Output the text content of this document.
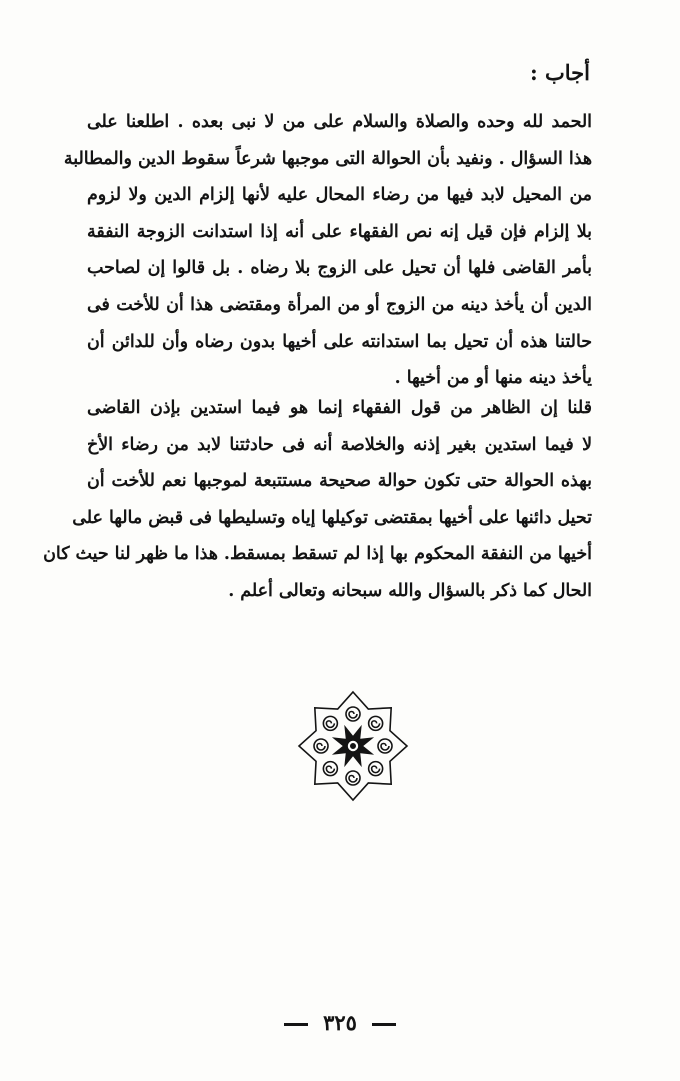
أجاب :
الحمد لله وحده والصلاة والسلام على من لا نبى بعده . اطلعنا على
هذا السؤال . ونفيد بأن الحوالة التى موجبها شرعاً سقوط الدين والمطالبة
من المحيل لابد فيها من رضاء المحال عليه لأنها إلزام الدين ولا لزوم
بلا إلزام فإن قيل إنه نص الفقهاء على أنه إذا استدانت الزوجة النفقة
بأمر القاضى فلها أن تحيل على الزوج بلا رضاه . بل قالوا إن لصاحب
الدين أن يأخذ دينه من الزوج أو من المرأة ومقتضى هذا أن للأخت فى
حالتنا هذه أن تحيل بما استدانته على أخيها بدون رضاه وأن للدائن أن
يأخذ دينه منها أو من أخيها .
قلنا إن الظاهر من قول الفقهاء إنما هو فيما استدين بإذن القاضى
لا فيما استدين بغير إذنه والخلاصة أنه فى حادثتنا لابد من رضاء الأخ
بهذه الحوالة حتى تكون حوالة صحيحة مستتبعة لموجبها نعم للأخت أن
تحيل دائنها على أخيها بمقتضى توكيلها إياه وتسليطها فى قبض مالها على
أخيها من النفقة المحكوم بها إذا لم تسقط بمسقط. هذا ما ظهر لنا حيث كان
الحال كما ذكر بالسؤال والله سبحانه وتعالى أعلم .
٣٢٥
